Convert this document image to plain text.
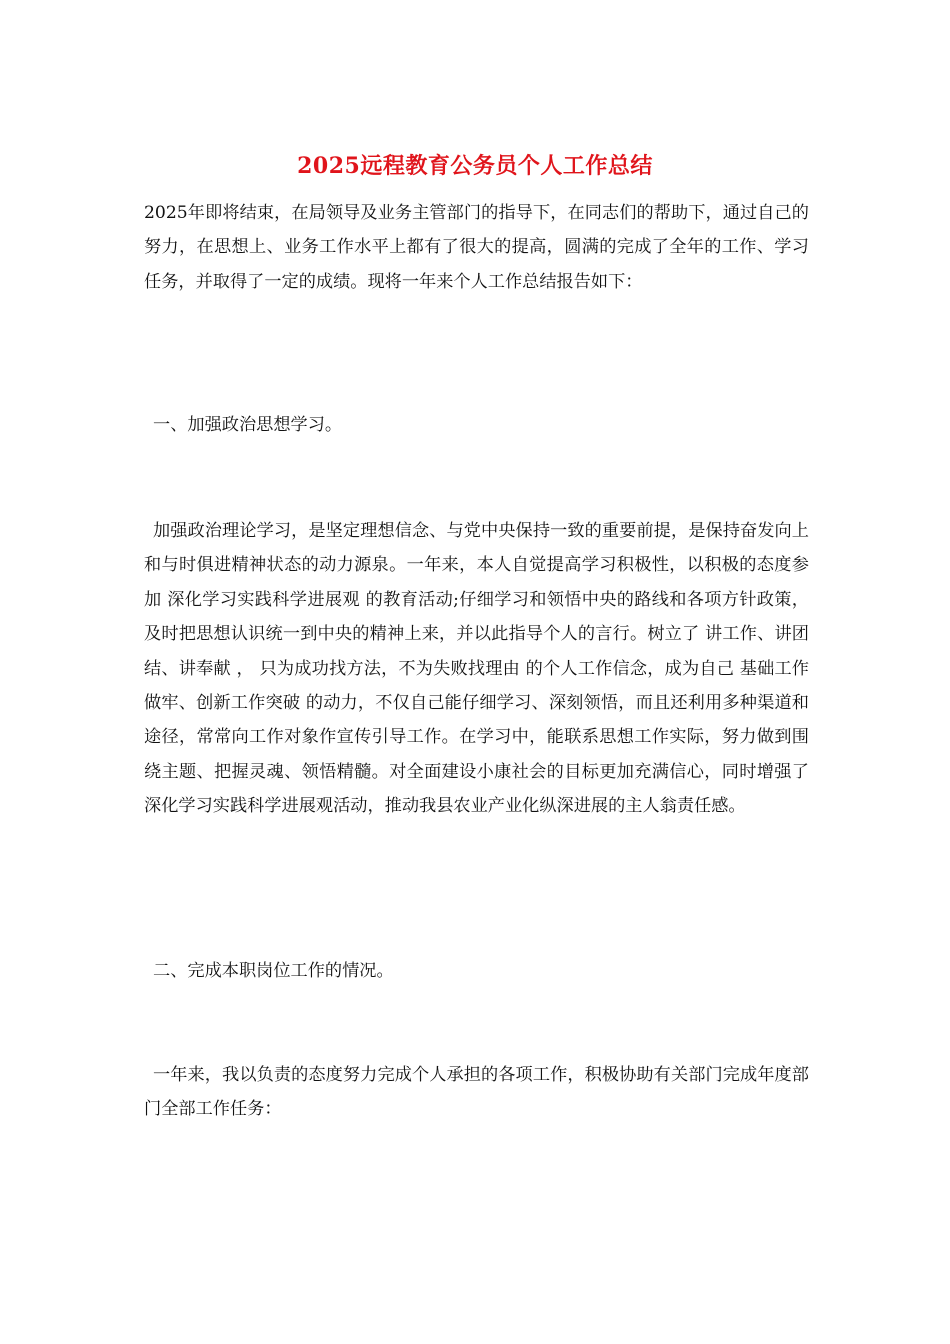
2025远程教育公务员个人工作总结

2025年即将结束，在局领导及业务主管部门的指导下，在同志们的帮助下，通过自己的努力，在思想上、业务工作水平上都有了很大的提高，圆满的完成了全年的工作、学习任务，并取得了一定的成绩。现将一年来个人工作总结报告如下：

一、加强政治思想学习。

加强政治理论学习，是坚定理想信念、与党中央保持一致的重要前提，是保持奋发向上和与时俱进精神状态的动力源泉。一年来，本人自觉提高学习积极性，以积极的态度参加 深化学习实践科学进展观 的教育活动;仔细学习和领悟中央的路线和各项方针政策，及时把思想认识统一到中央的精神上来，并以此指导个人的言行。树立了 讲工作、讲团结、讲奉献 ， 只为成功找方法，不为失败找理由 的个人工作信念，成为自己 基础工作做牢、创新工作突破 的动力，不仅自己能仔细学习、深刻领悟，而且还利用多种渠道和途径，常常向工作对象作宣传引导工作。在学习中，能联系思想工作实际，努力做到围绕主题、把握灵魂、领悟精髓。对全面建设小康社会的目标更加充满信心，同时增强了深化学习实践科学进展观活动，推动我县农业产业化纵深进展的主人翁责任感。

二、完成本职岗位工作的情况。

一年来，我以负责的态度努力完成个人承担的各项工作，积极协助有关部门完成年度部门全部工作任务：
